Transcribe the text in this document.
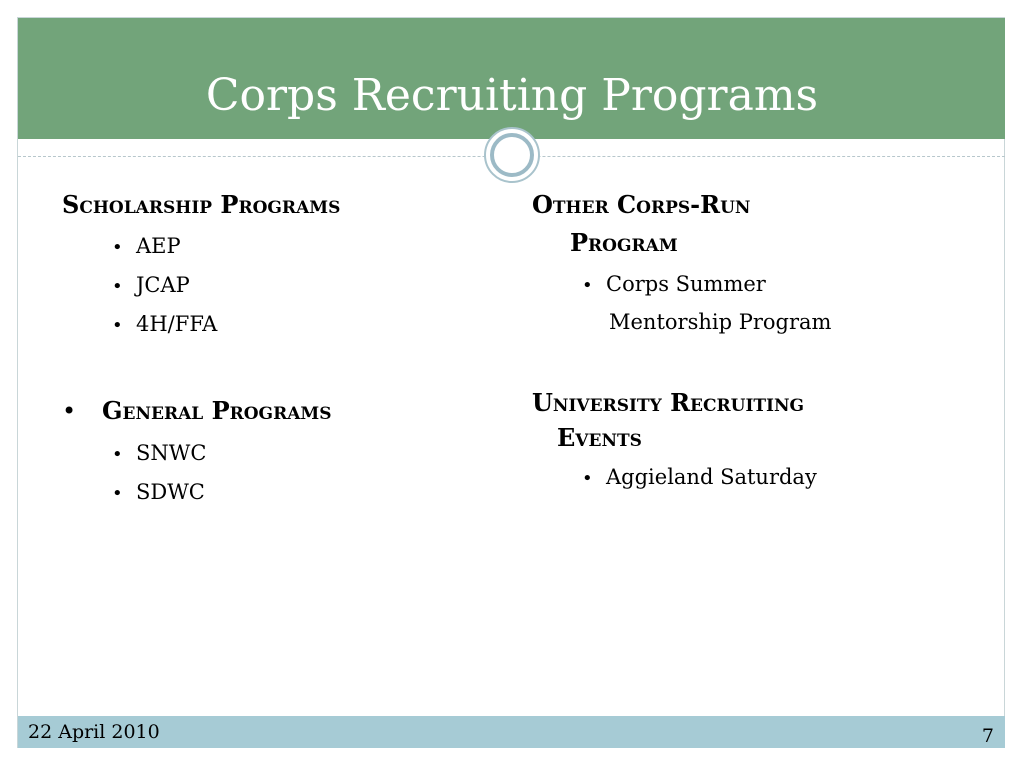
Corps Recruiting Programs
Scholarship Programs
• AEP
• JCAP
• 4H/FFA
• General Programs
• SNWC
• SDWC
Other Corps-Run
Program
• Corps Summer
Mentorship Program
University Recruiting
Events
• Aggieland Saturday
22 April 2010	7
